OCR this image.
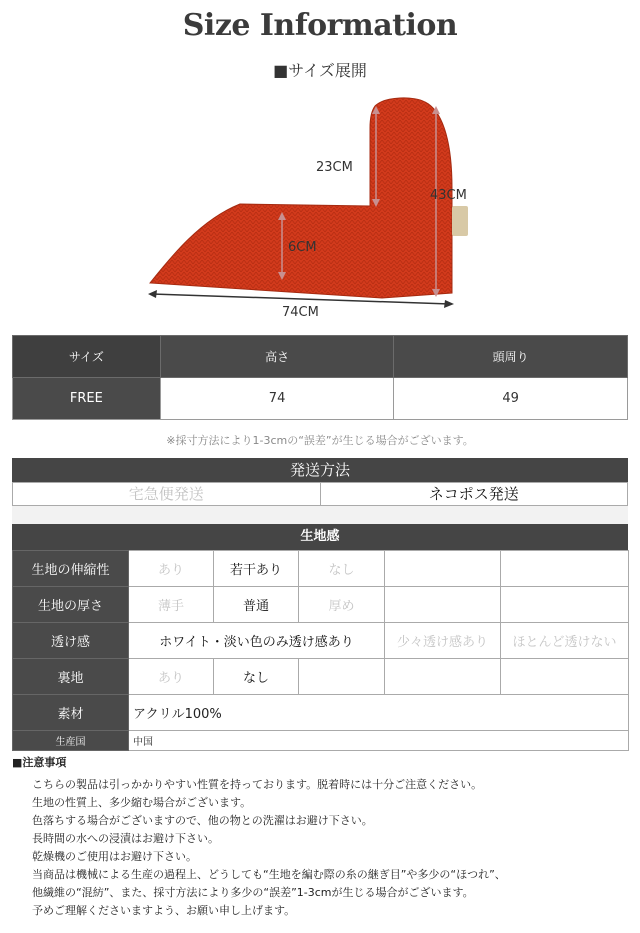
Size Information
■サイズ展開
23CM
43CM
6CM
74CM
サイズ	高さ	頭周り
FREE	74	49
※採寸方法により1-3cmの“誤差”が生じる場合がございます。
発送方法
宅急便発送	ネコポス発送
生地感
生地の伸縮性	あり	若干あり	なし		
生地の厚さ	薄手	普通	厚め		
透け感	ホワイト・淡い色のみ透け感あり			少々透け感あり	ほとんど透けない
裏地	あり	なし			
素材	アクリル100%				
生産国	中国				
■注意事項
こちらの製品は引っかかりやすい性質を持っております。脱着時には十分ご注意ください。
生地の性質上、多少縮む場合がございます。
色落ちする場合がございますので、他の物との洗濯はお避け下さい。
長時間の水への浸漬はお避け下さい。
乾燥機のご使用はお避け下さい。
当商品は機械による生産の過程上、どうしても“生地を編む際の糸の継ぎ目”や多少の“ほつれ”、
他繊維の“混紡”、また、採寸方法により多少の“誤差”1-3cmが生じる場合がございます。
予めご理解くださいますよう、お願い申し上げます。
